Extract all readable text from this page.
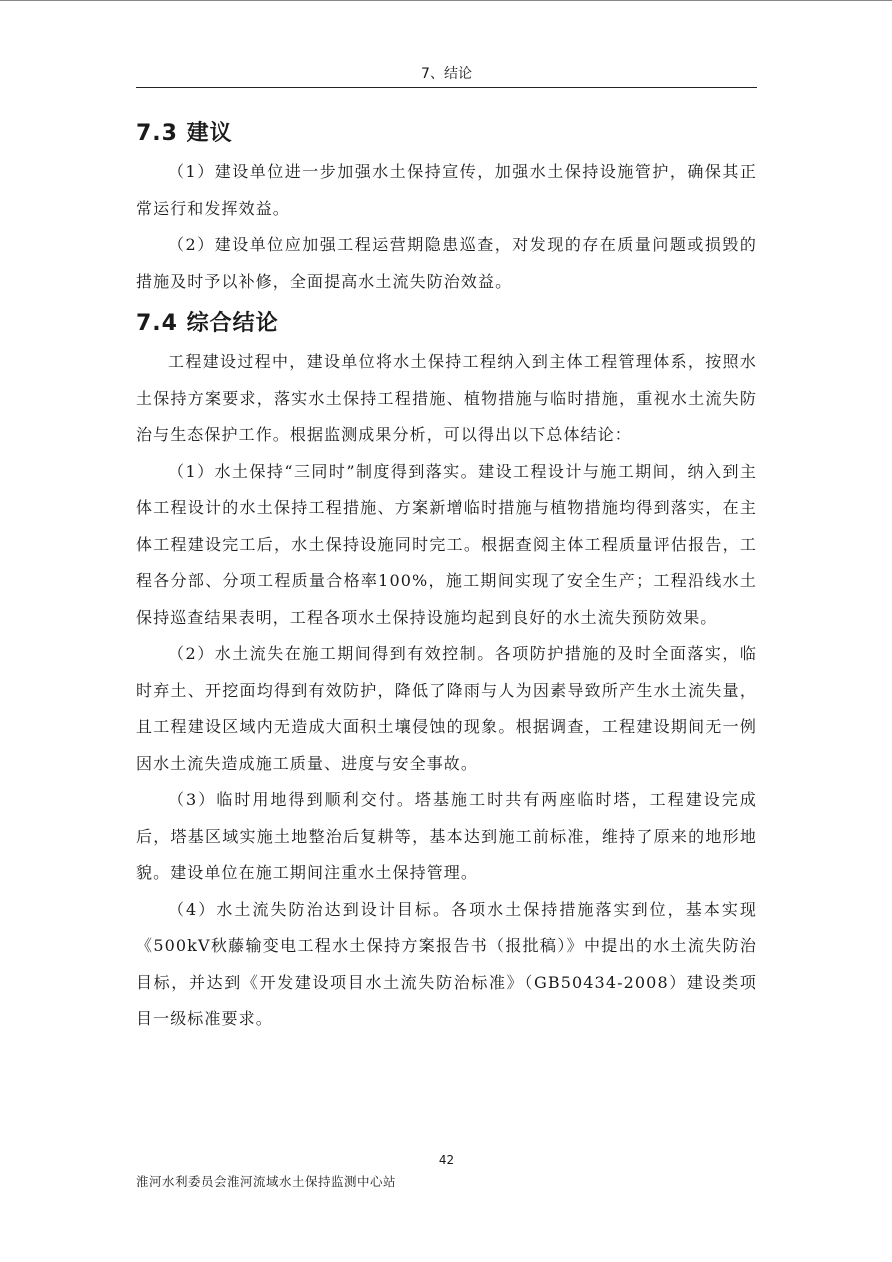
7、结论
7.3 建议

（1）建设单位进一步加强水土保持宣传，加强水土保持设施管护，确保其正常运行和发挥效益。

（2）建设单位应加强工程运营期隐患巡查，对发现的存在质量问题或损毁的措施及时予以补修，全面提高水土流失防治效益。

7.4 综合结论

工程建设过程中，建设单位将水土保持工程纳入到主体工程管理体系，按照水土保持方案要求，落实水土保持工程措施、植物措施与临时措施，重视水土流失防治与生态保护工作。根据监测成果分析，可以得出以下总体结论：

（1）水土保持“三同时”制度得到落实。建设工程设计与施工期间，纳入到主体工程设计的水土保持工程措施、方案新增临时措施与植物措施均得到落实，在主体工程建设完工后，水土保持设施同时完工。根据查阅主体工程质量评估报告，工程各分部、分项工程质量合格率100%，施工期间实现了安全生产；工程沿线水土保持巡查结果表明，工程各项水土保持设施均起到良好的水土流失预防效果。

（2）水土流失在施工期间得到有效控制。各项防护措施的及时全面落实，临时弃土、开挖面均得到有效防护，降低了降雨与人为因素导致所产生水土流失量，且工程建设区域内无造成大面积土壤侵蚀的现象。根据调查，工程建设期间无一例因水土流失造成施工质量、进度与安全事故。

（3）临时用地得到顺利交付。塔基施工时共有两座临时塔，工程建设完成后，塔基区域实施土地整治后复耕等，基本达到施工前标准，维持了原来的地形地貌。建设单位在施工期间注重水土保持管理。

（4）水土流失防治达到设计目标。各项水土保持措施落实到位，基本实现《500kV秋藤输变电工程水土保持方案报告书（报批稿）》中提出的水土流失防治目标，并达到《开发建设项目水土流失防治标准》（GB50434-2008）建设类项目一级标准要求。

42
淮河水利委员会淮河流域水土保持监测中心站
